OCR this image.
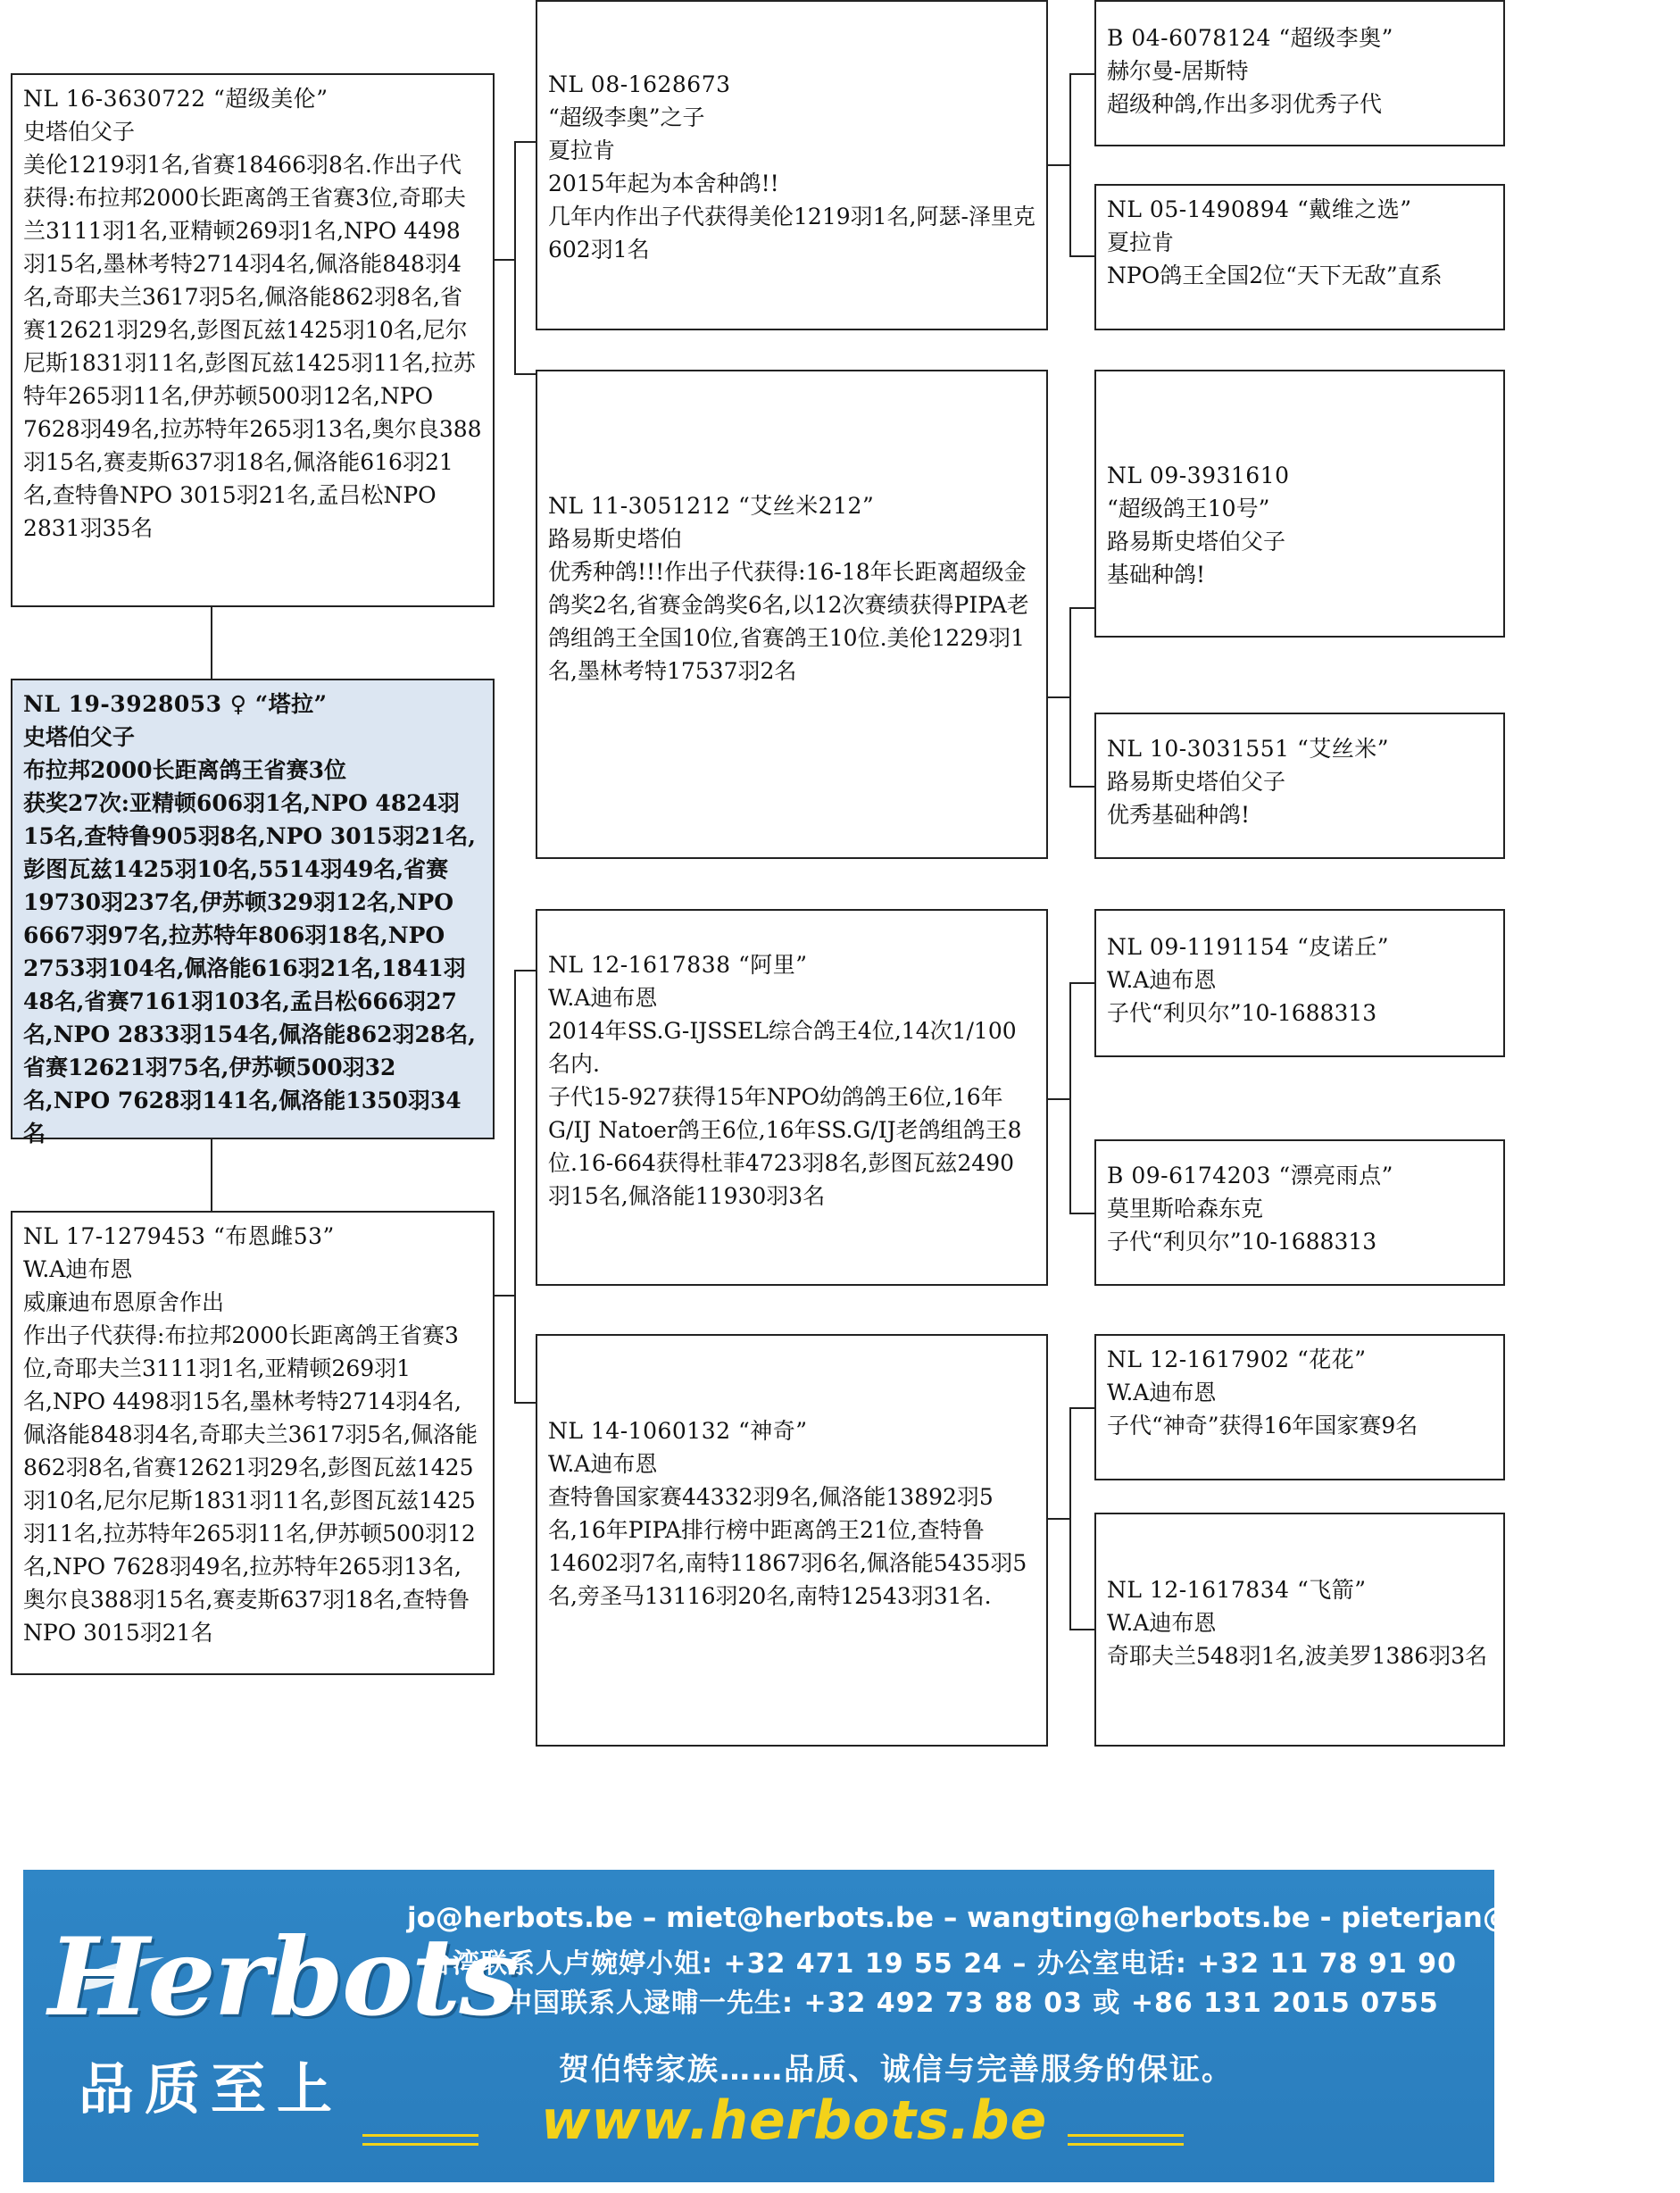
NL 16-3630722 “超级美伦”

史塔伯父子

美伦1219羽1名,省赛18466羽8名.作出子代获得:布拉邦2000长距离鸽王省赛3位,奇耶夫兰3111羽1名,亚精顿269羽1名,NPO 4498羽15名,墨林考特2714羽4名,佩洛能848羽4名,奇耶夫兰3617羽5名,佩洛能862羽8名,省赛12621羽29名,彭图瓦兹1425羽10名,尼尔尼斯1831羽11名,彭图瓦兹1425羽11名,拉苏特年265羽11名,伊苏顿500羽12名,NPO 7628羽49名,拉苏特年265羽13名,奥尔良388羽15名,赛麦斯637羽18名,佩洛能616羽21名,查特鲁NPO 3015羽21名,孟吕松NPO 2831羽35名

NL 19-3928053 ♀ “塔拉”

史塔伯父子

布拉邦2000长距离鸽王省赛3位

获奖27次:亚精顿606羽1名,NPO 4824羽15名,查特鲁905羽8名,NPO 3015羽21名,彭图瓦兹1425羽10名,5514羽49名,省赛19730羽237名,伊苏顿329羽12名,NPO 6667羽97名,拉苏特年806羽18名,NPO 2753羽104名,佩洛能616羽21名,1841羽48名,省赛7161羽103名,孟吕松666羽27名,NPO 2833羽154名,佩洛能862羽28名,省赛12621羽75名,伊苏顿500羽32名,NPO 7628羽141名,佩洛能1350羽34名

NL 17-1279453 “布恩雌53”

W.A迪布恩

威廉迪布恩原舍作出

作出子代获得:布拉邦2000长距离鸽王省赛3位,奇耶夫兰3111羽1名,亚精顿269羽1名,NPO 4498羽15名,墨林考特2714羽4名,佩洛能848羽4名,奇耶夫兰3617羽5名,佩洛能862羽8名,省赛12621羽29名,彭图瓦兹1425羽10名,尼尔尼斯1831羽11名,彭图瓦兹1425羽11名,拉苏特年265羽11名,伊苏顿500羽12名,NPO 7628羽49名,拉苏特年265羽13名,奥尔良388羽15名,赛麦斯637羽18名,查特鲁NPO 3015羽21名

NL 08-1628673

“超级李奥”之子

夏拉肯

2015年起为本舍种鸽!!

几年内作出子代获得美伦1219羽1名,阿瑟-泽里克602羽1名

NL 11-3051212 “艾丝米212”

路易斯史塔伯

优秀种鸽!!!作出子代获得:16-18年长距离超级金鸽奖2名,省赛金鸽奖6名,以12次赛绩获得PIPA老鸽组鸽王全国10位,省赛鸽王10位.美伦1229羽1名,墨林考特17537羽2名

NL 12-1617838 “阿里”

W.A迪布恩

2014年SS.G-IJSSEL综合鸽王4位,14次1/100名内.

子代15-927获得15年NPO幼鸽鸽王6位,16年G/IJ Natoer鸽王6位,16年SS.G/IJ老鸽组鸽王8位.16-664获得杜菲4723羽8名,彭图瓦兹2490羽15名,佩洛能11930羽3名

NL 14-1060132 “神奇”

W.A迪布恩

查特鲁国家赛44332羽9名,佩洛能13892羽5名,16年PIPA排行榜中距离鸽王21位,查特鲁14602羽7名,南特11867羽6名,佩洛能5435羽5名,旁圣马13116羽20名,南特12543羽31名.

B 04-6078124 “超级李奥”

赫尔曼-居斯特

超级种鸽,作出多羽优秀子代

NL 05-1490894 “戴维之选”

夏拉肯

NPO鸽王全国2位“天下无敌”直系

NL 09-3931610

“超级鸽王10号”

路易斯史塔伯父子

基础种鸽!

NL 10-3031551 “艾丝米”

路易斯史塔伯父子

优秀基础种鸽!

NL 09-1191154 “皮诺丘”

W.A迪布恩

子代“利贝尔”10-1688313

B 09-6174203 “漂亮雨点”

莫里斯哈森东克

子代“利贝尔”10-1688313

NL 12-1617902 “花花”

W.A迪布恩

子代“神奇”获得16年国家赛9名

NL 12-1617834 “飞箭”

W.A迪布恩

奇耶夫兰548羽1名,波美罗1386羽3名

Herbots
品质至上
jo@herbots.be – miet@herbots.be – wangting@herbots.be - pieterjan@herbots.be
台湾联系人卢婉婷小姐: +32 471 19 55 24 – 办公室电话: +32 11 78 91 90
中国联系人逯晡一先生: +32 492 73 88 03 或 +86 131 2015 0755
贺伯特家族……品质、诚信与完善服务的保证。
www.herbots.be
